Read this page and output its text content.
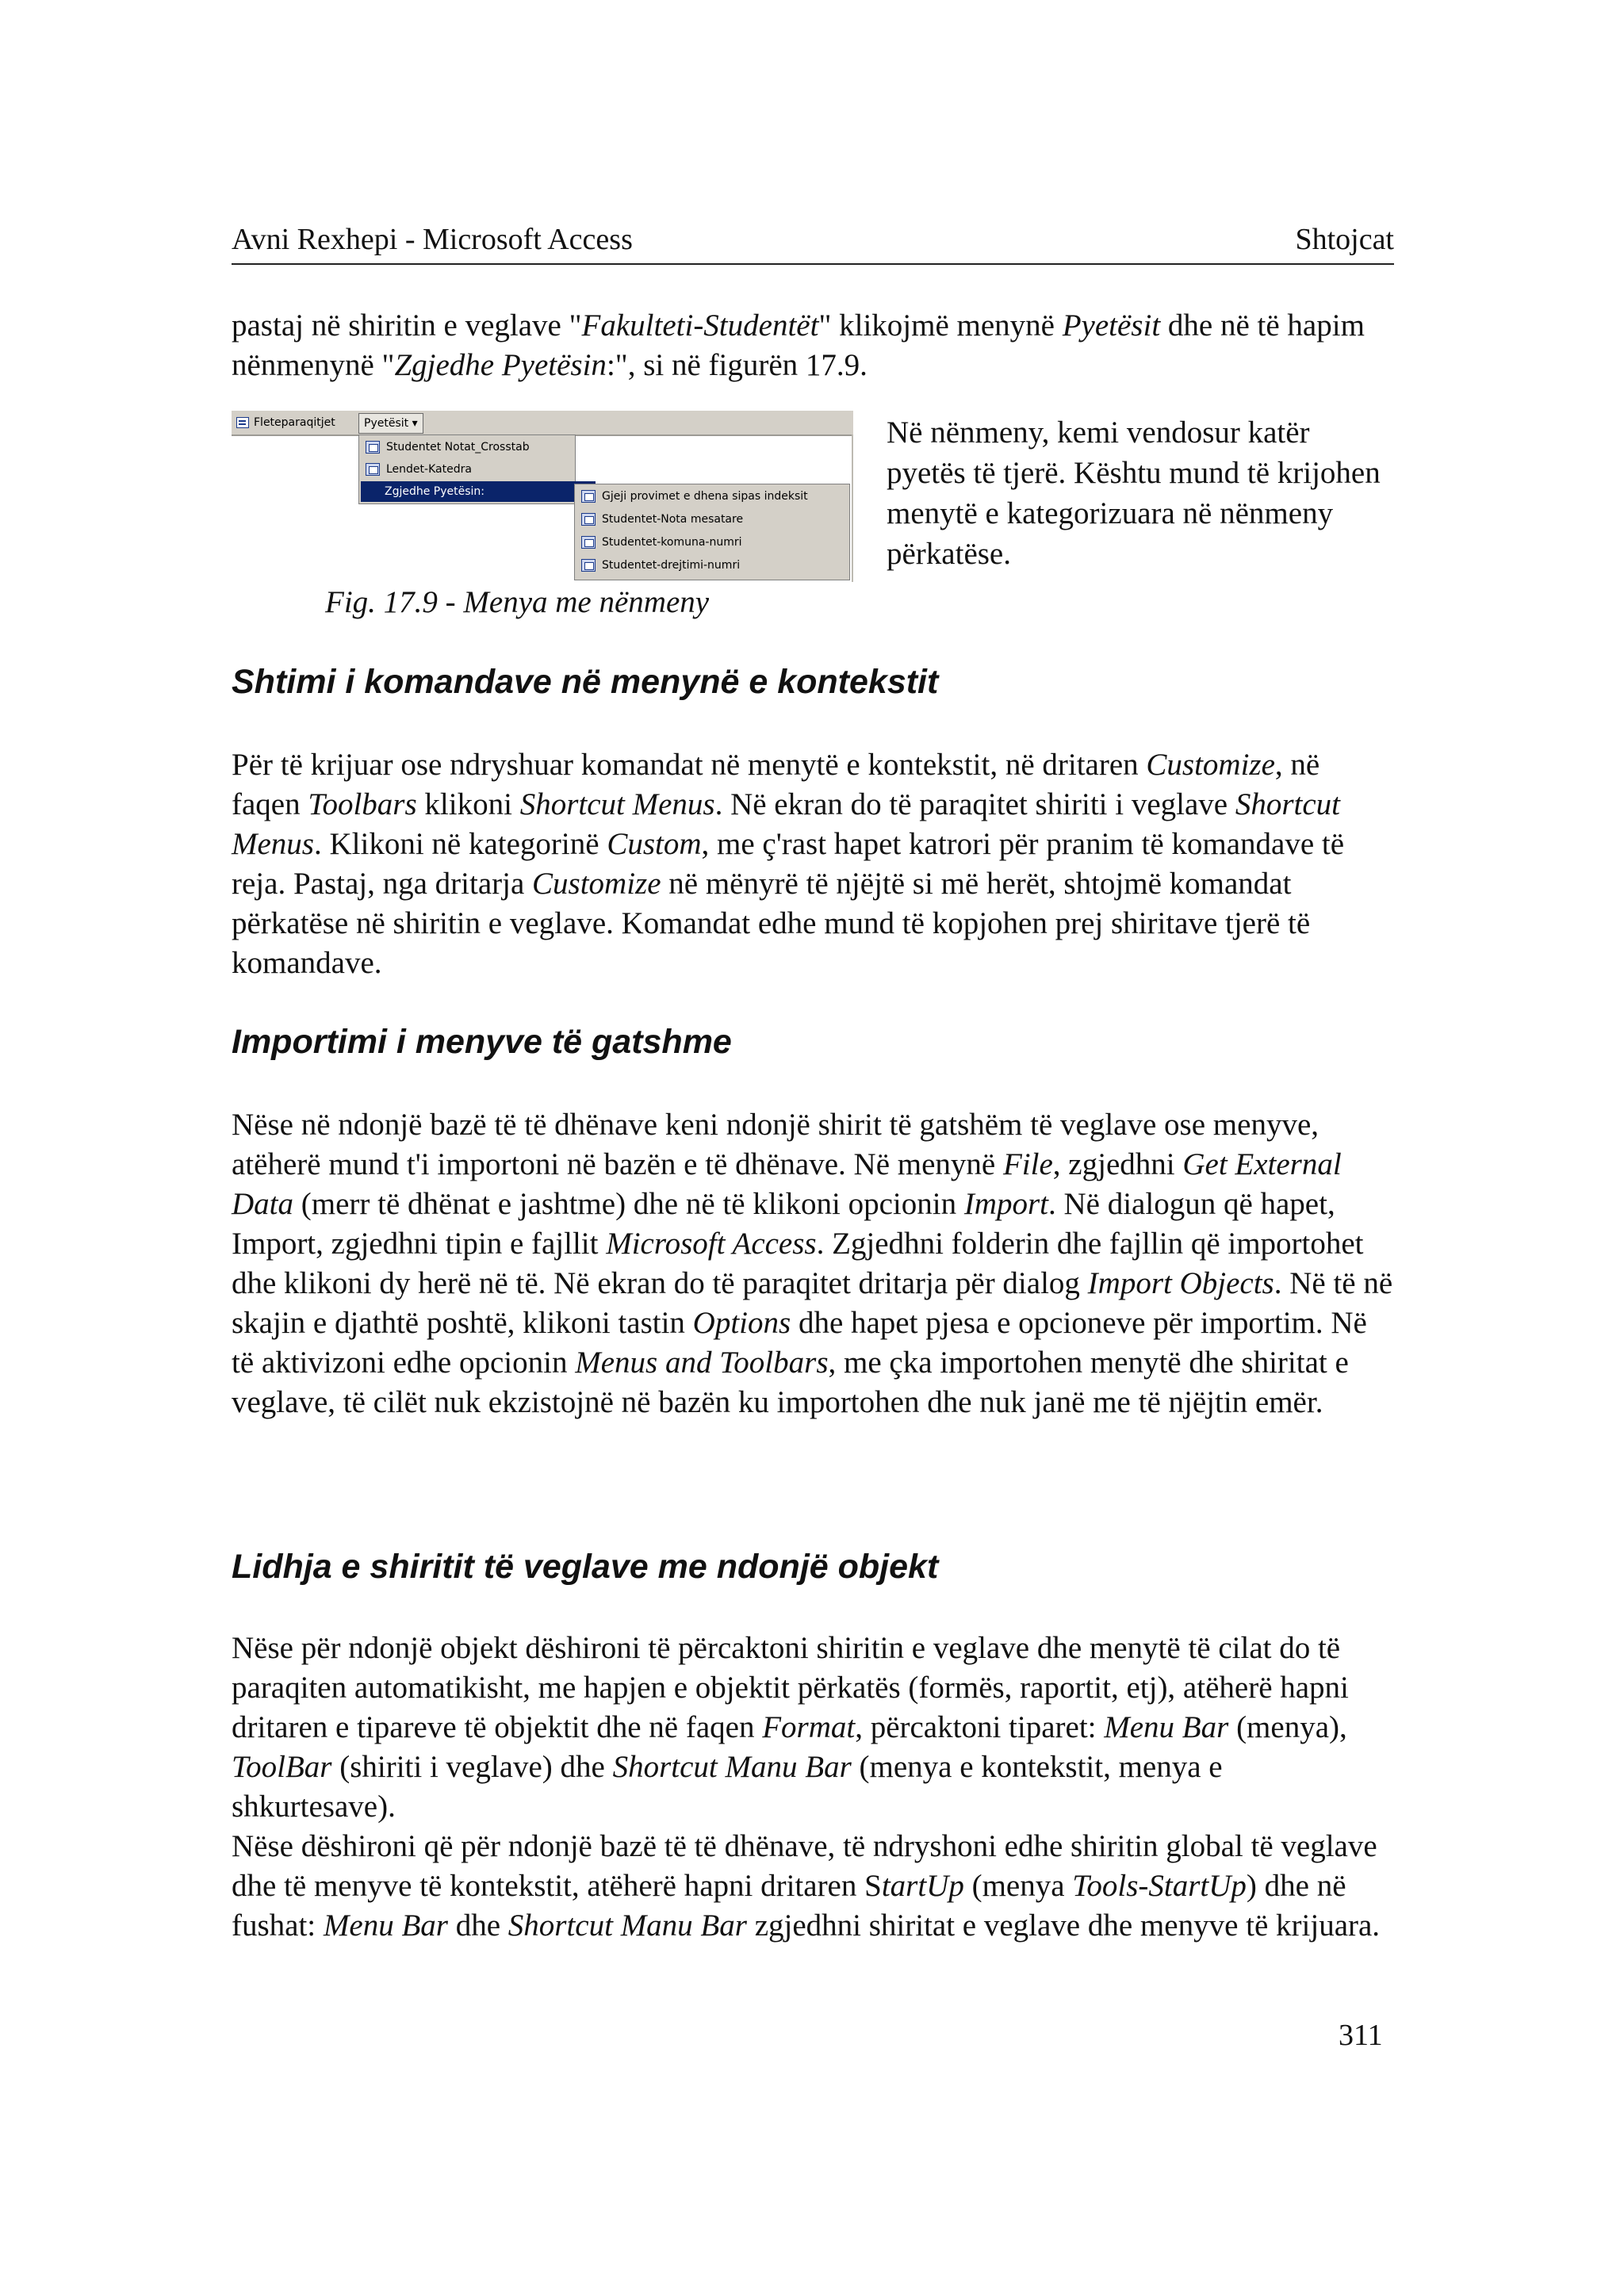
Avni Rexhepi - Microsoft Access	Shtojcat

pastaj në shiritin e veglave "Fakulteti-Studentët" klikojmë menynë Pyetësit dhe në të hapim nënmenynë "Zgjedhe Pyetësin:", si në figurën 17.9.

Fleteparaqitjet	Pyetësit ▾
Studentet Notat_Crosstab
Lendet-Katedra
Zgjedhe Pyetësin:	Gjeji provimet e dhena sipas indeksit
Studentet-Nota mesatare
Studentet-komuna-numri
Studentet-drejtimi-numri
Në nënmeny, kemi vendosur katër pyetës të tjerë. Kështu mund të krijohen menytë e kategorizuara në nënmeny përkatëse.
Fig. 17.9 - Menya me nënmeny
Shtimi i komandave në menynë e kontekstit

Për të krijuar ose ndryshuar komandat në menytë e kontekstit, në dritaren Customize, në faqen Toolbars klikoni Shortcut Menus. Në ekran do të paraqitet shiriti i veglave Shortcut Menus. Klikoni në kategorinë Custom, me ç'rast hapet katrori për pranim të komandave të reja. Pastaj, nga dritarja Customize në mënyrë të njëjtë si më herët, shtojmë komandat përkatëse në shiritin e veglave. Komandat edhe mund të kopjohen prej shiritave tjerë të komandave.

Importimi i menyve të gatshme

Nëse në ndonjë bazë të të dhënave keni ndonjë shirit të gatshëm të veglave ose menyve, atëherë mund t'i importoni në bazën e të dhënave. Në menynë File, zgjedhni Get External Data (merr të dhënat e jashtme) dhe në të klikoni opcionin Import. Në dialogun që hapet, Import, zgjedhni tipin e fajllit Microsoft Access. Zgjedhni folderin dhe fajllin që importohet dhe klikoni dy herë në të. Në ekran do të paraqitet dritarja për dialog Import Objects. Në të në skajin e djathtë poshtë, klikoni tastin Options dhe hapet pjesa e opcioneve për importim. Në të aktivizoni edhe opcionin Menus and Toolbars, me çka importohen menytë dhe shiritat e veglave, të cilët nuk ekzistojnë në bazën ku importohen dhe nuk janë me të njëjtin emër.

Lidhja e shiritit të veglave me ndonjë objekt

Nëse për ndonjë objekt dëshironi të përcaktoni shiritin e veglave dhe menytë të cilat do të paraqiten automatikisht, me hapjen e objektit përkatës (formës, raportit, etj), atëherë hapni dritaren e tipareve të objektit dhe në faqen Format, përcaktoni tiparet: Menu Bar (menya), ToolBar (shiriti i veglave) dhe Shortcut Manu Bar (menya e kontekstit, menya e shkurtesave).

Nëse dëshironi që për ndonjë bazë të të dhënave, të ndryshoni edhe shiritin global të veglave dhe të menyve të kontekstit, atëherë hapni dritaren StartUp (menya Tools-StartUp) dhe në fushat: Menu Bar dhe Shortcut Manu Bar zgjedhni shiritat e veglave dhe menyve të krijuara.

311
